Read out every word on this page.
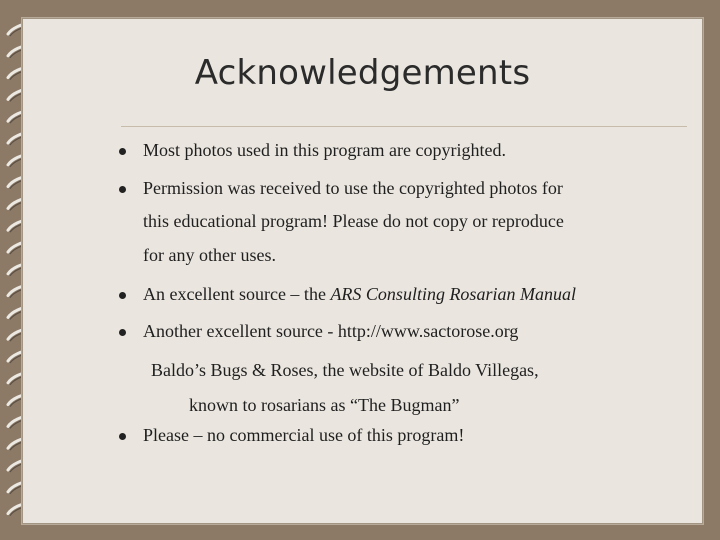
Acknowledgements
Most photos used in this program are copyrighted.
Permission was received to use the copyrighted photos for
this educational program! Please do not copy or reproduce
for any other uses.
An excellent source – the ARS Consulting Rosarian Manual
Another excellent source - http://www.sactorose.org
Baldo’s Bugs & Roses, the website of Baldo Villegas,
known to rosarians as “The Bugman”
Please – no commercial use of this program!
